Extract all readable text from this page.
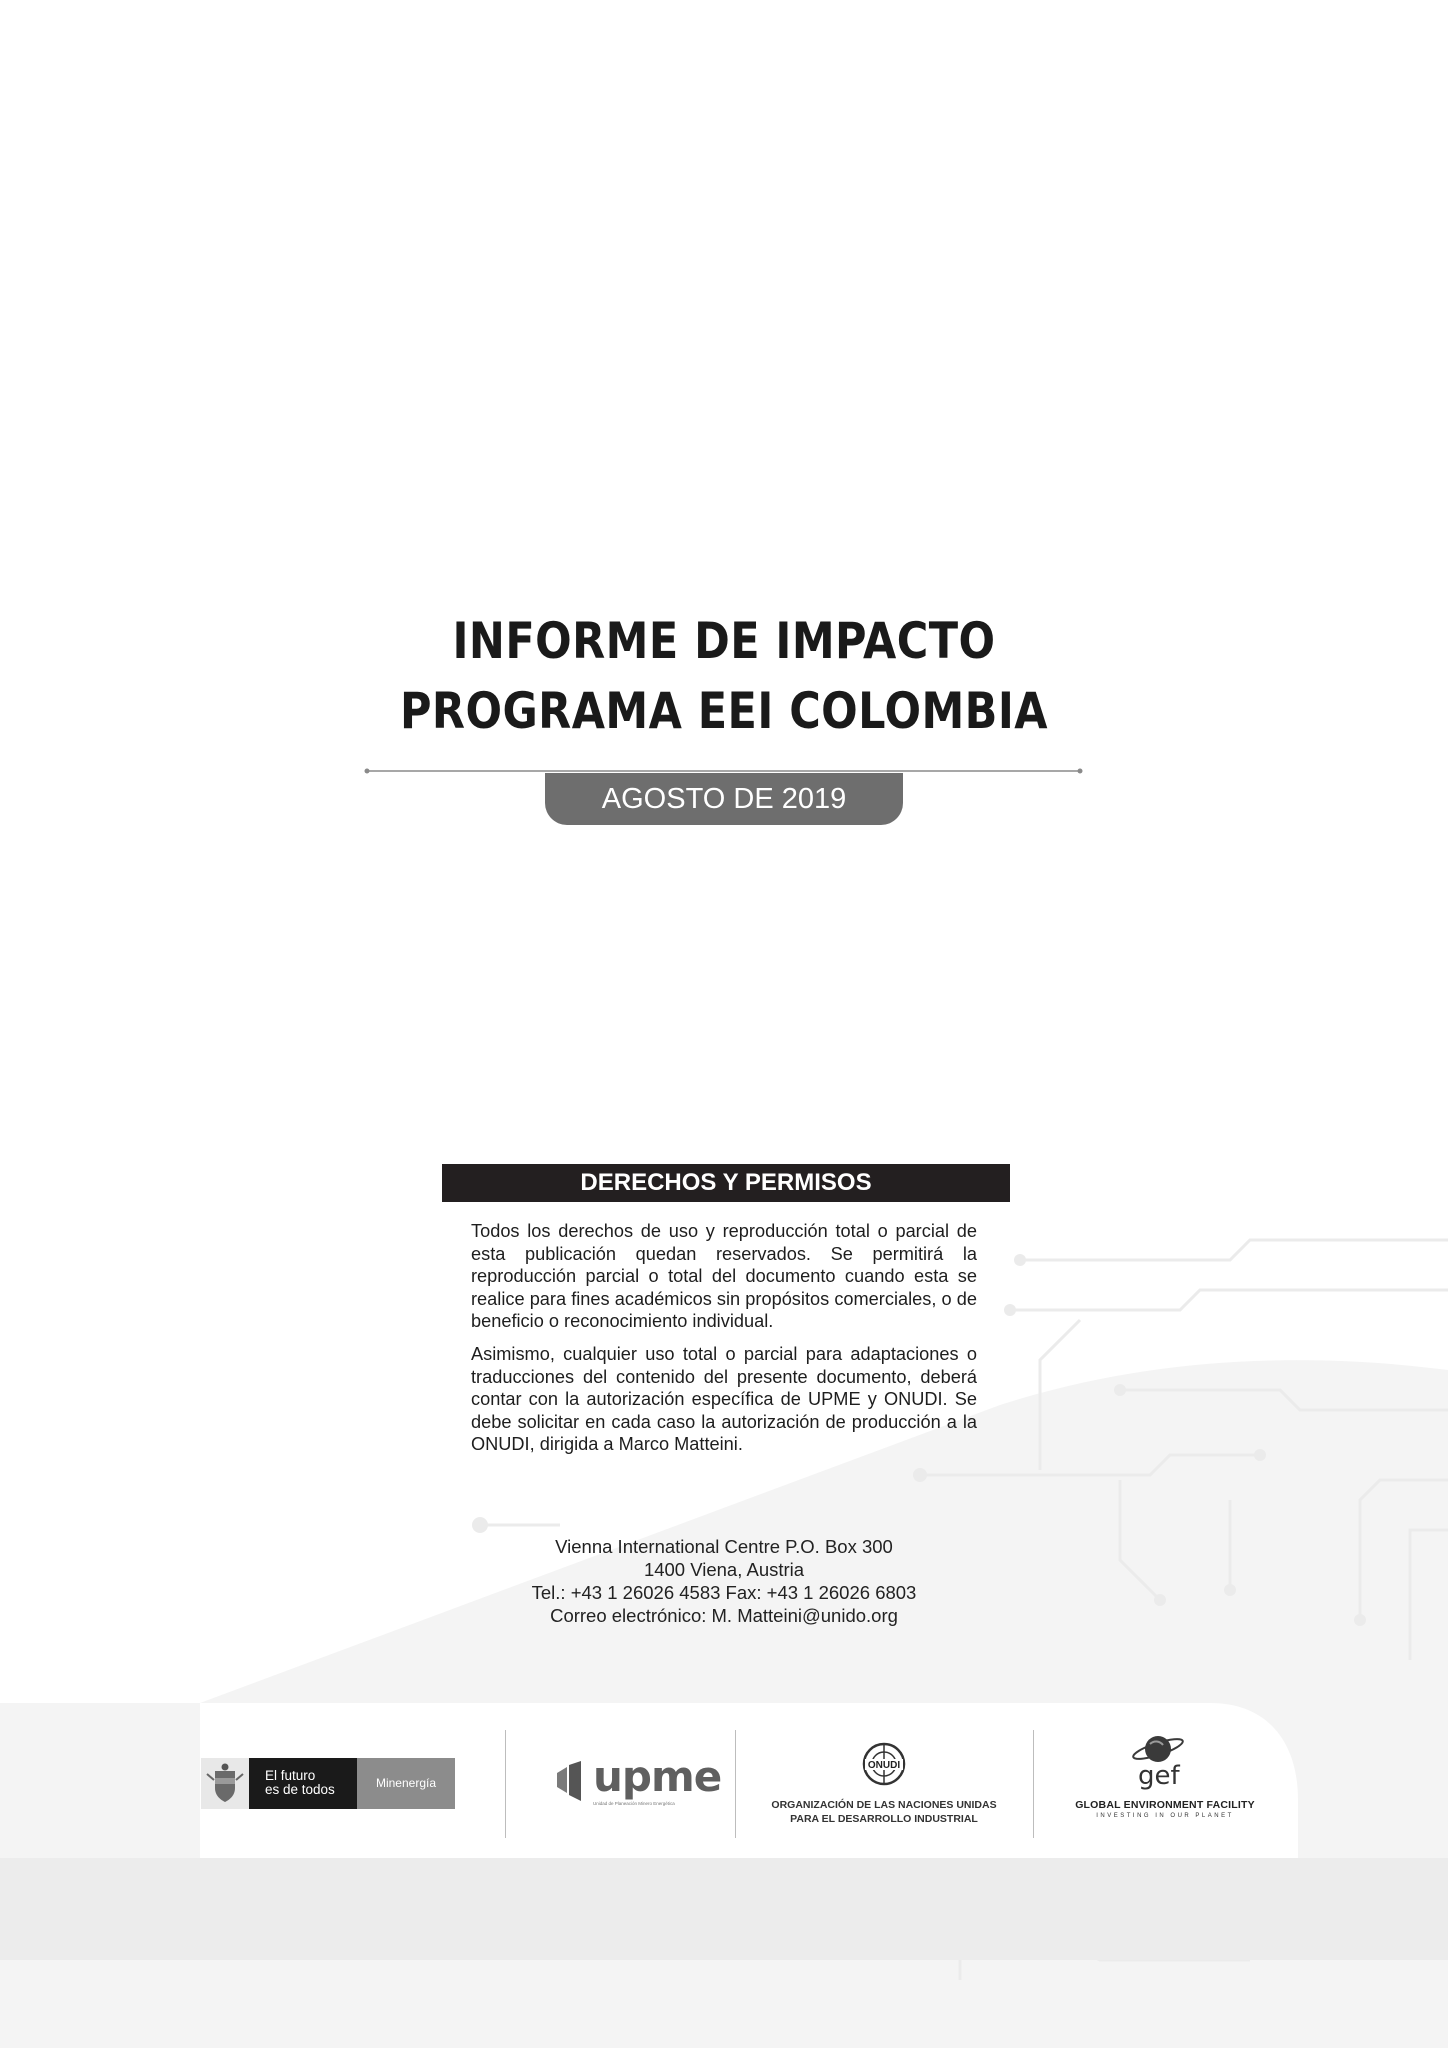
INFORME DE IMPACTO
PROGRAMA EEI COLOMBIA
AGOSTO DE 2019
DERECHOS Y PERMISOS

Todos los derechos de uso y reproducción total o parcial de esta publicación quedan reservados. Se permitirá la reproducción parcial o total del documento cuando esta se realice para fines académicos sin propósitos comerciales, o de beneficio o reconocimiento individual.

Asimismo, cualquier uso total o parcial para adaptaciones o traducciones del contenido del presente documento, deberá contar con la autorización específica de UPME y ONUDI. Se debe solicitar en cada caso la autorización de producción a la ONUDI, dirigida a Marco Matteini.

Vienna International Centre P.O. Box 300
1400 Viena, Austria
Tel.: +43 1 26026 4583 Fax: +43 1 26026 6803
Correo electrónico: M. Matteini@unido.org
El futuro
es de todos	Minenergía	upme
Unidad de Planeación Minero Energética
ONUDI
ORGANIZACIÓN DE LAS NACIONES UNIDAS
PARA EL DESARROLLO INDUSTRIAL
gef
GLOBAL ENVIRONMENT FACILITY
INVESTING IN OUR PLANET
